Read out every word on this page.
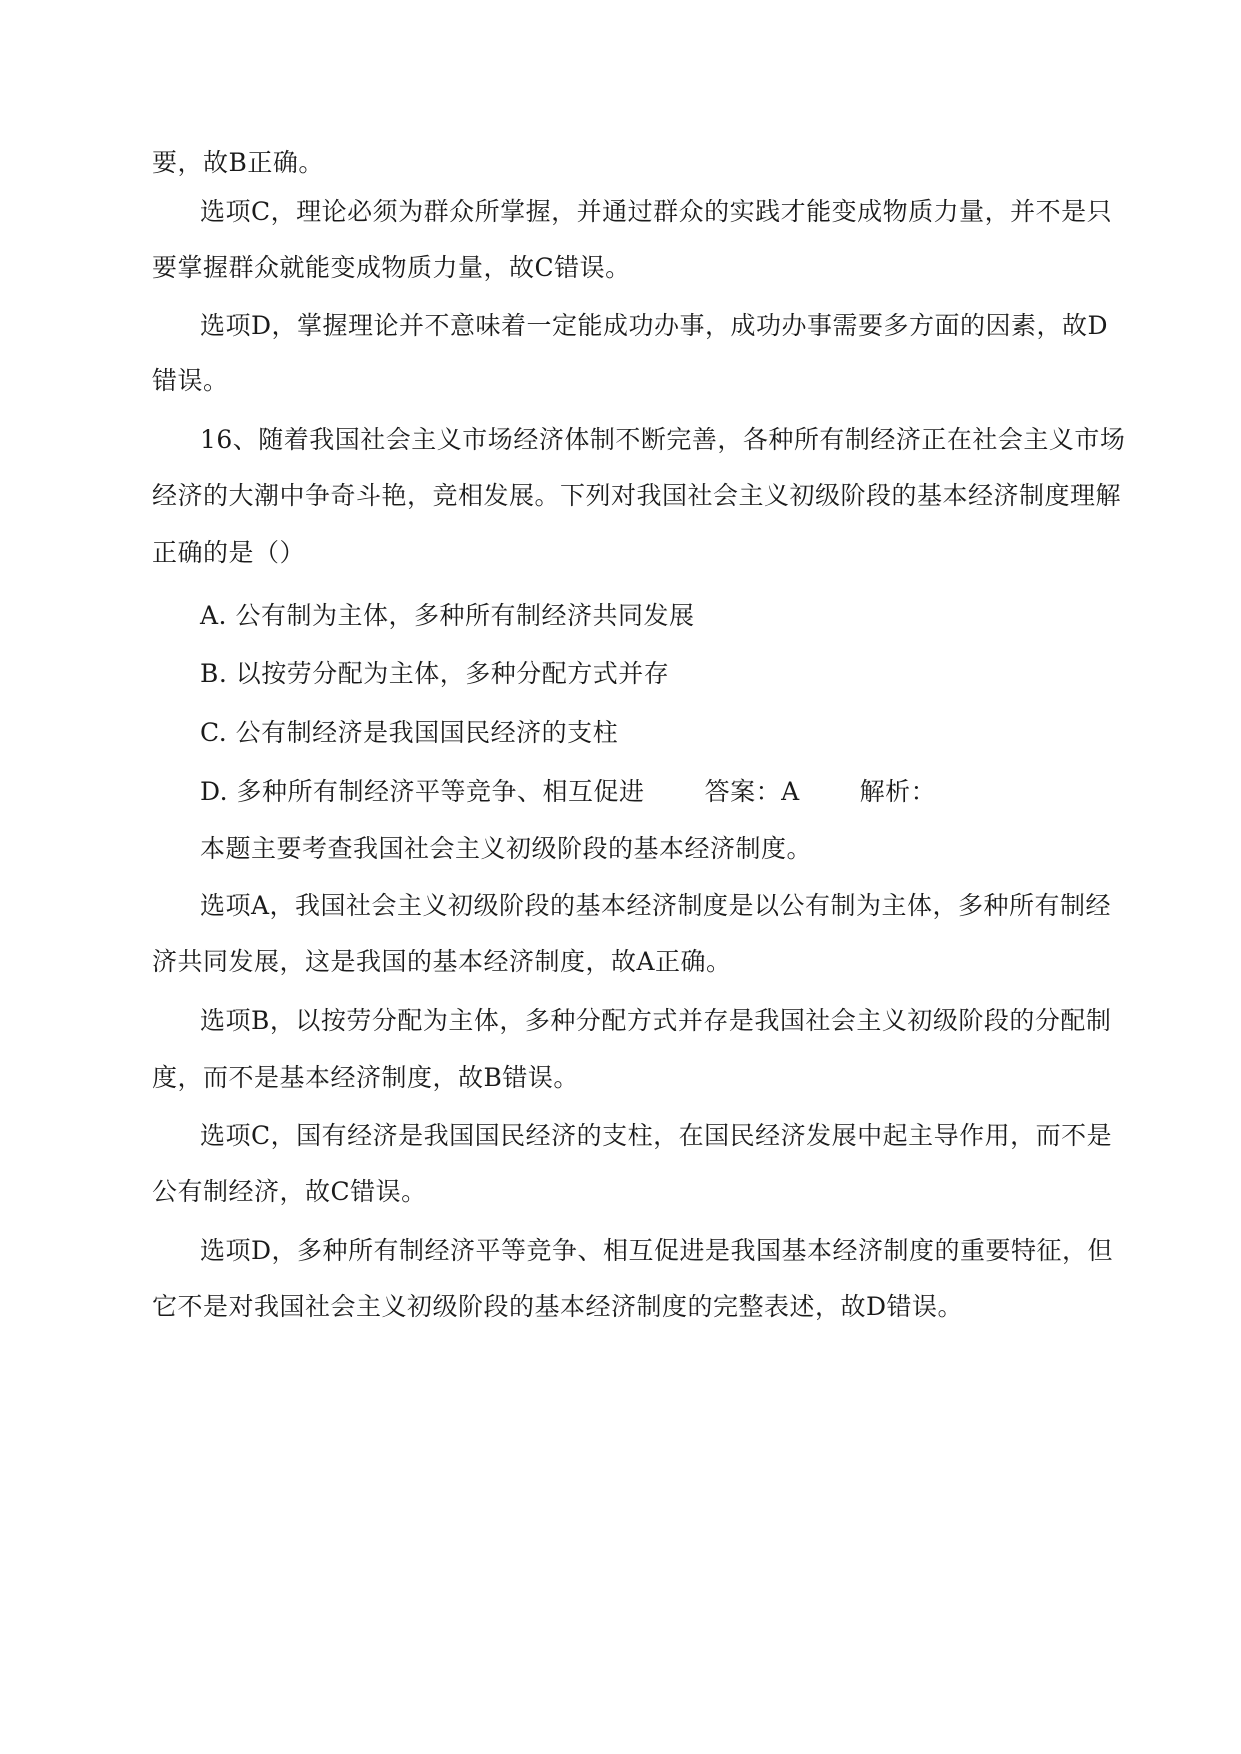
要，故B正确。
选项C，理论必须为群众所掌握，并通过群众的实践才能变成物质力量，并不是只
要掌握群众就能变成物质力量，故C错误。
选项D，掌握理论并不意味着一定能成功办事，成功办事需要多方面的因素，故D
错误。
16、随着我国社会主义市场经济体制不断完善，各种所有制经济正在社会主义市场
经济的大潮中争奇斗艳，竞相发展。下列对我国社会主义初级阶段的基本经济制度理解
正确的是（）
A. 公有制为主体，多种所有制经济共同发展
B. 以按劳分配为主体，多种分配方式并存
C. 公有制经济是我国国民经济的支柱
D. 多种所有制经济平等竞争、相互促进 答案：A 解析：
本题主要考查我国社会主义初级阶段的基本经济制度。
选项A，我国社会主义初级阶段的基本经济制度是以公有制为主体，多种所有制经
济共同发展，这是我国的基本经济制度，故A正确。
选项B，以按劳分配为主体，多种分配方式并存是我国社会主义初级阶段的分配制
度，而不是基本经济制度，故B错误。
选项C，国有经济是我国国民经济的支柱，在国民经济发展中起主导作用，而不是
公有制经济，故C错误。
选项D，多种所有制经济平等竞争、相互促进是我国基本经济制度的重要特征，但
它不是对我国社会主义初级阶段的基本经济制度的完整表述，故D错误。
